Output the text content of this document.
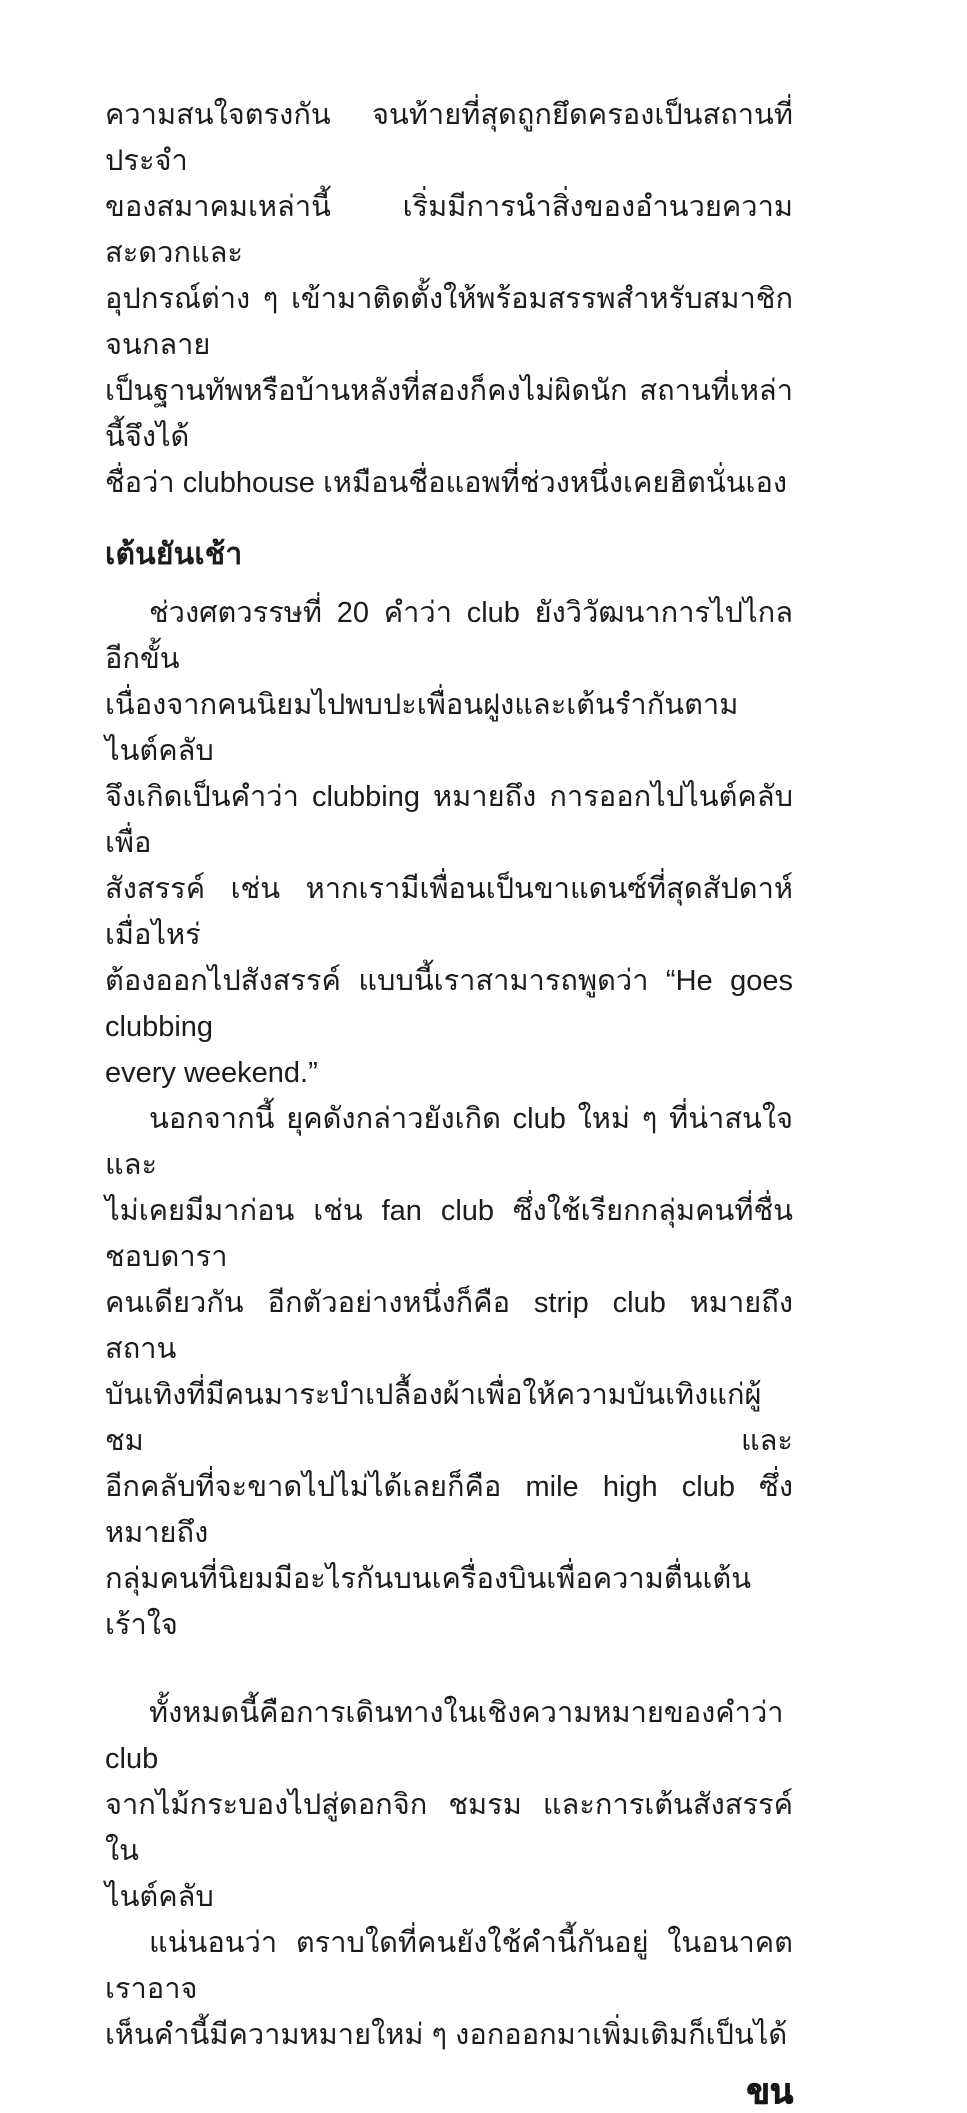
ความสนใจตรงกัน จนท้ายที่สุดถูกยึดครองเป็นสถานที่ประจำ
ของสมาคมเหล่านี้ เริ่มมีการนำสิ่งของอำนวยความสะดวกและ
อุปกรณ์ต่าง ๆ เข้ามาติดตั้งให้พร้อมสรรพสำหรับสมาชิก จนกลาย
เป็นฐานทัพหรือบ้านหลังที่สองก็คงไม่ผิดนัก สถานที่เหล่านี้จึงได้
ชื่อว่า clubhouse เหมือนชื่อแอพที่ช่วงหนึ่งเคยฮิตนั่นเอง

เต้นยันเช้า

ช่วงศตวรรษที่ 20 คำว่า club ยังวิวัฒนาการไปไกลอีกขั้น
เนื่องจากคนนิยมไปพบปะเพื่อนฝูงและเต้นรำกันตามไนต์คลับ
จึงเกิดเป็นคำว่า clubbing หมายถึง การออกไปไนต์คลับเพื่อ
สังสรรค์ เช่น หากเรามีเพื่อนเป็นขาแดนซ์ที่สุดสัปดาห์เมื่อไหร่
ต้องออกไปสังสรรค์ แบบนี้เราสามารถพูดว่า “He goes clubbing
every weekend.”

นอกจากนี้ ยุคดังกล่าวยังเกิด club ใหม่ ๆ ที่น่าสนใจและ
ไม่เคยมีมาก่อน เช่น fan club ซึ่งใช้เรียกกลุ่มคนที่ชื่นชอบดารา
คนเดียวกัน อีกตัวอย่างหนึ่งก็คือ strip club หมายถึง สถาน
บันเทิงที่มีคนมาระบำเปลื้องผ้าเพื่อให้ความบันเทิงแก่ผู้ชม และ
อีกคลับที่จะขาดไปไม่ได้เลยก็คือ mile high club ซึ่งหมายถึง
กลุ่มคนที่นิยมมีอะไรกันบนเครื่องบินเพื่อความตื่นเต้นเร้าใจ

ทั้งหมดนี้คือการเดินทางในเชิงความหมายของคำว่า club
จากไม้กระบองไปสู่ดอกจิก ชมรม และการเต้นสังสรรค์ใน
ไนต์คลับ

แน่นอนว่า ตราบใดที่คนยังใช้คำนี้กันอยู่ ในอนาคต เราอาจ
เห็นคำนี้มีความหมายใหม่ ๆ งอกออกมาเพิ่มเติมก็เป็นได้

ขน
